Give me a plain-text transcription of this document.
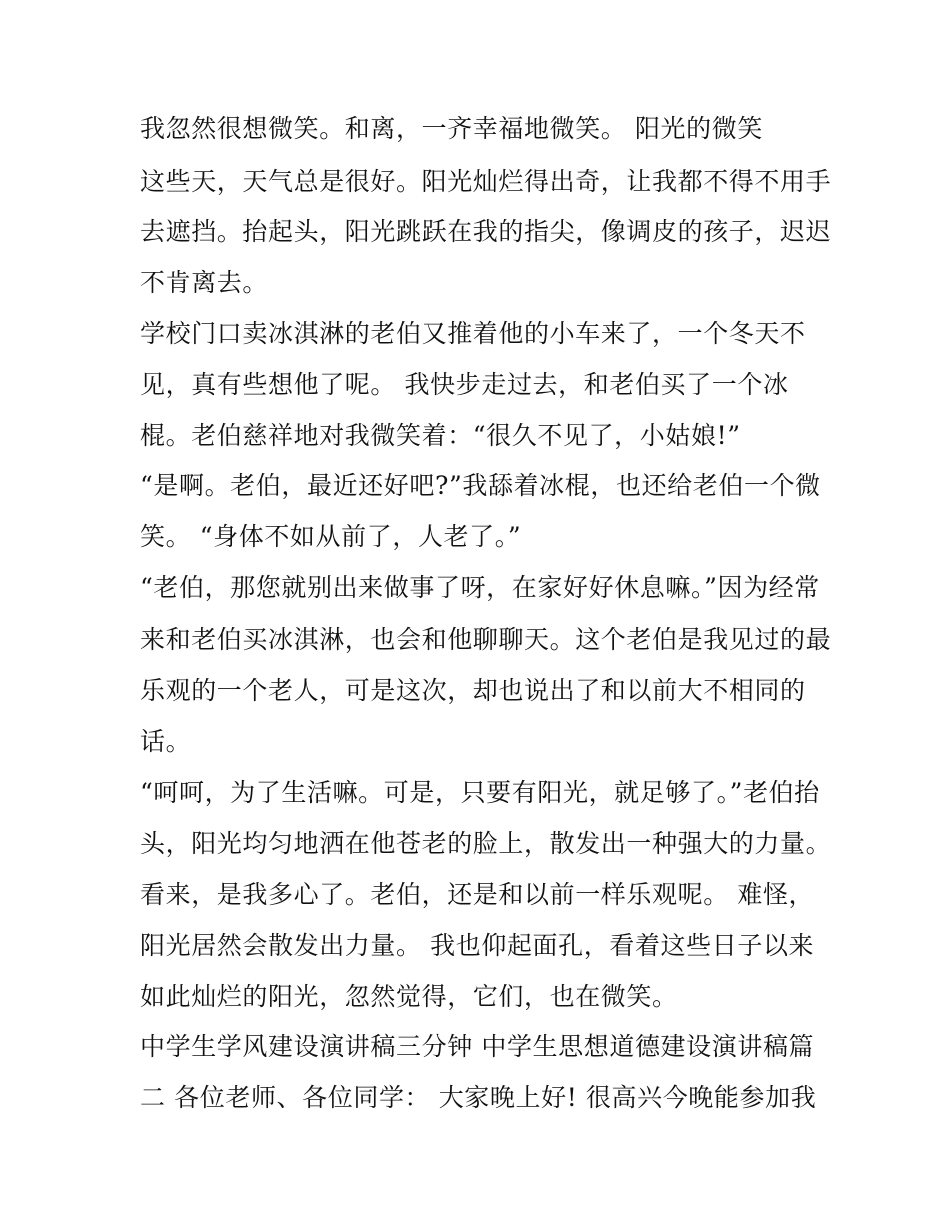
我忽然很想微笑。和离，一齐幸福地微笑。 阳光的微笑
这些天，天气总是很好。阳光灿烂得出奇，让我都不得不用手
去遮挡。抬起头，阳光跳跃在我的指尖，像调皮的孩子，迟迟
不肯离去。
学校门口卖冰淇淋的老伯又推着他的小车来了，一个冬天不
见，真有些想他了呢。 我快步走过去，和老伯买了一个冰
棍。老伯慈祥地对我微笑着：“很久不见了，小姑娘!”
“是啊。老伯，最近还好吧?”我舔着冰棍，也还给老伯一个微
笑。 “身体不如从前了，人老了。”
“老伯，那您就别出来做事了呀，在家好好休息嘛。”因为经常
来和老伯买冰淇淋，也会和他聊聊天。这个老伯是我见过的最
乐观的一个老人，可是这次，却也说出了和以前大不相同的
话。
“呵呵，为了生活嘛。可是，只要有阳光，就足够了。”老伯抬
头，阳光均匀地洒在他苍老的脸上，散发出一种强大的力量。
看来，是我多心了。老伯，还是和以前一样乐观呢。 难怪，
阳光居然会散发出力量。 我也仰起面孔，看着这些日子以来
如此灿烂的阳光，忽然觉得，它们，也在微笑。
中学生学风建设演讲稿三分钟 中学生思想道德建设演讲稿篇
二 各位老师、各位同学： 大家晚上好! 很高兴今晚能参加我
